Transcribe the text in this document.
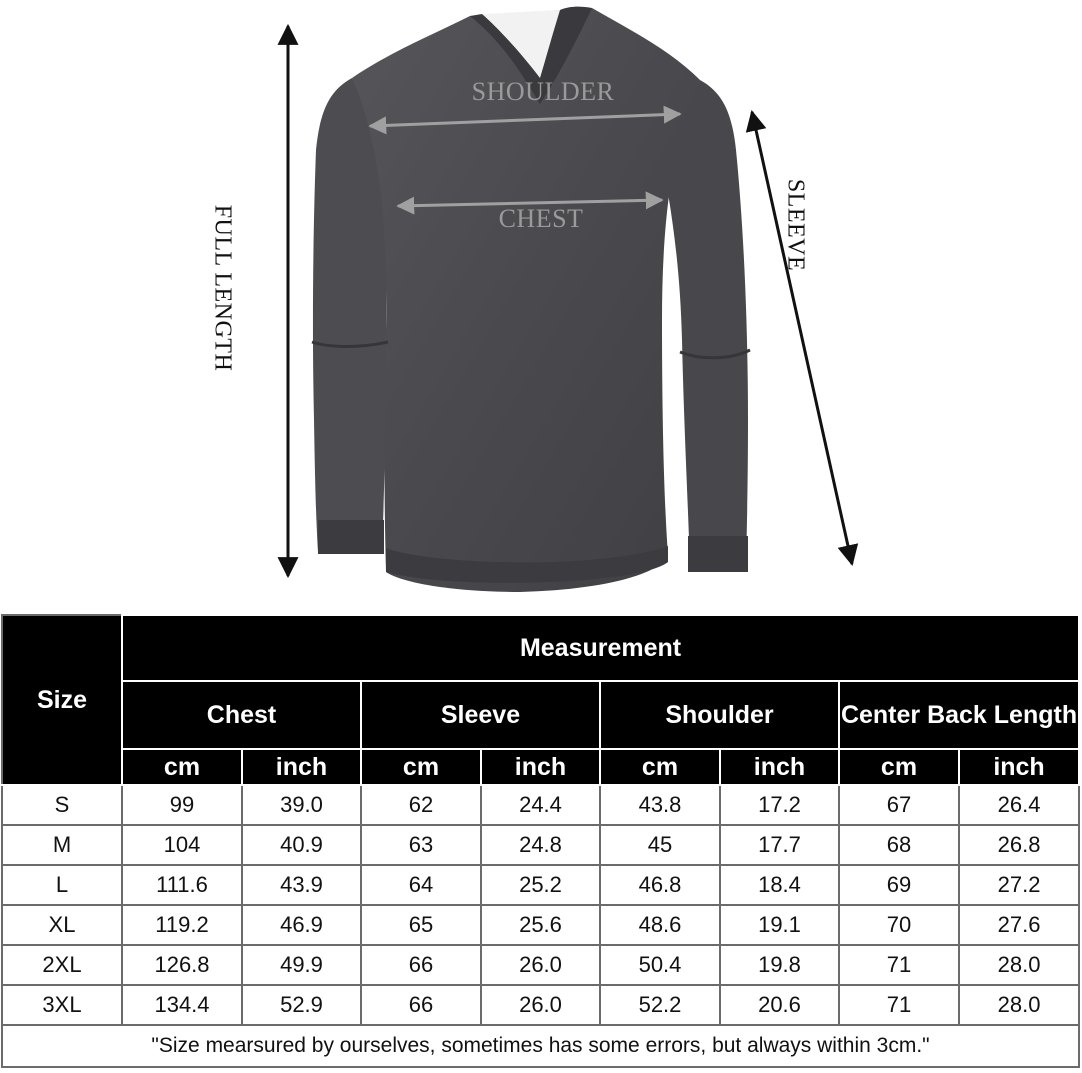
FULL LENGTH	SLEEVE
SHOULDER
CHEST
Size	Measurement							
	Chest		Sleeve		Shoulder		Center Back Length	
	cm	inch	cm	inch	cm	inch	cm	inch
S	99	39.0	62	24.4	43.8	17.2	67	26.4
M	104	40.9	63	24.8	45	17.7	68	26.8
L	111.6	43.9	64	25.2	46.8	18.4	69	27.2
XL	119.2	46.9	65	25.6	48.6	19.1	70	27.6
2XL	126.8	49.9	66	26.0	50.4	19.8	71	28.0
3XL	134.4	52.9	66	26.0	52.2	20.6	71	28.0
"Size mearsured by ourselves, sometimes has some errors, but always within 3cm."								
